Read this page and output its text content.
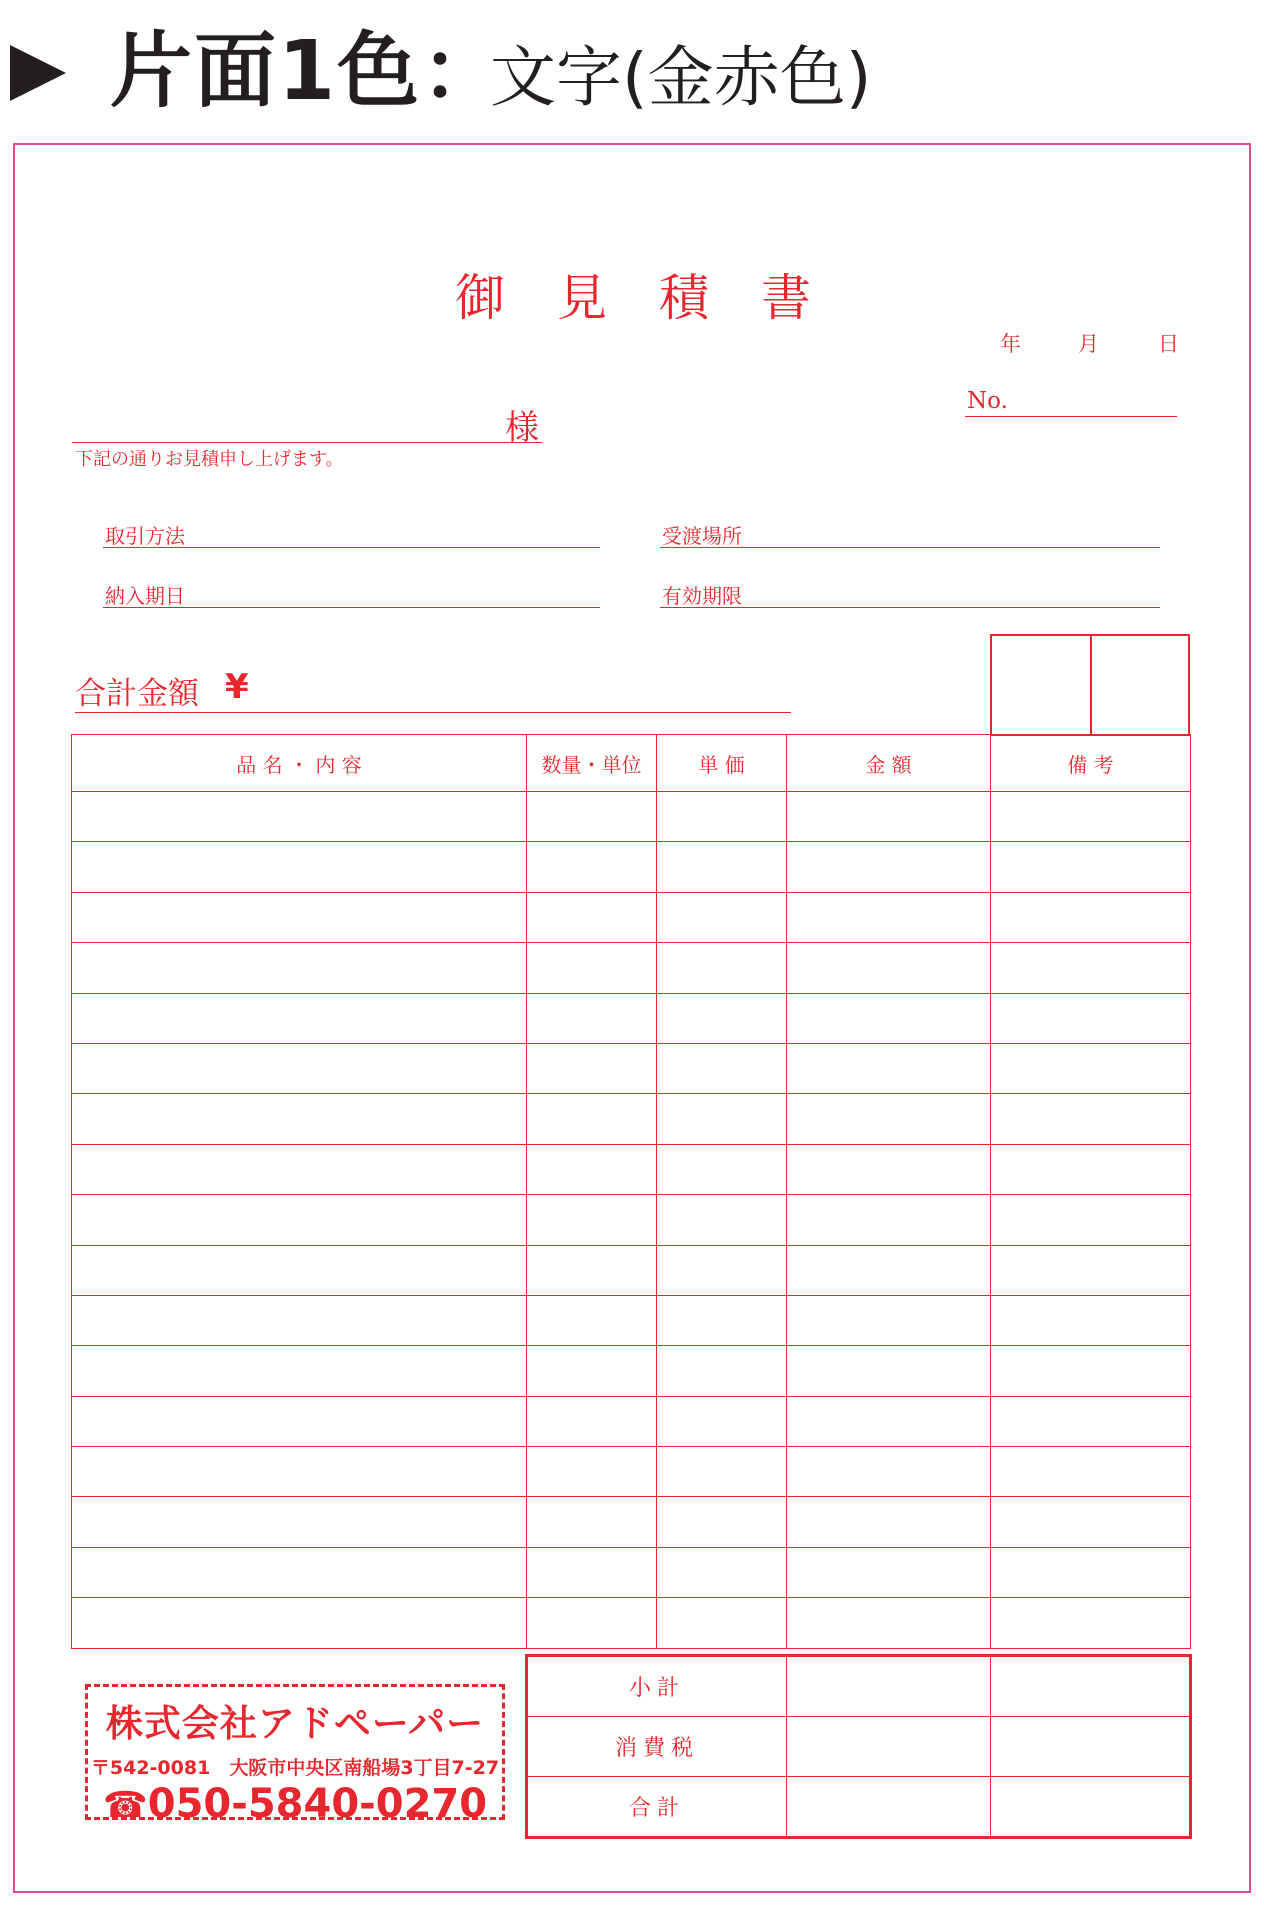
片面1色：
文字(金赤色)
御見積書
年	月	日
No.
様
下記の通りお見積申し上げます。
取引方法	受渡場所
納入期日	有効期限
合計金額 ¥
品 名 ・ 内 容	数量・単位	単 価	金 額	備 考

小計		
消費税		
合計		
株式会社アドペーパー
〒542-0081　大阪市中央区南船場3丁目7-27
☎050-5840-0270
